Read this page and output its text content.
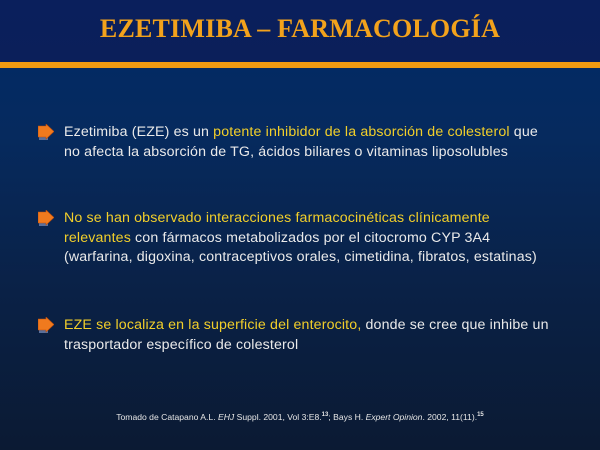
EZETIMIBA – FARMACOLOGÍA
Ezetimiba (EZE) es un potente inhibidor de la absorción de colesterol que no afecta la absorción de TG, ácidos biliares o vitaminas liposolubles
No se han observado interacciones farmacocinéticas clínicamente relevantes con fármacos metabolizados por el citocromo CYP 3A4 (warfarina, digoxina, contraceptivos orales, cimetidina, fibratos, estatinas)
EZE se localiza en la superficie del enterocito, donde se cree que inhibe un trasportador específico de colesterol
Tomado de Catapano A.L. EHJ Suppl. 2001, Vol 3:E8.13; Bays H. Expert Opinion. 2002, 11(11).$^{15}$
